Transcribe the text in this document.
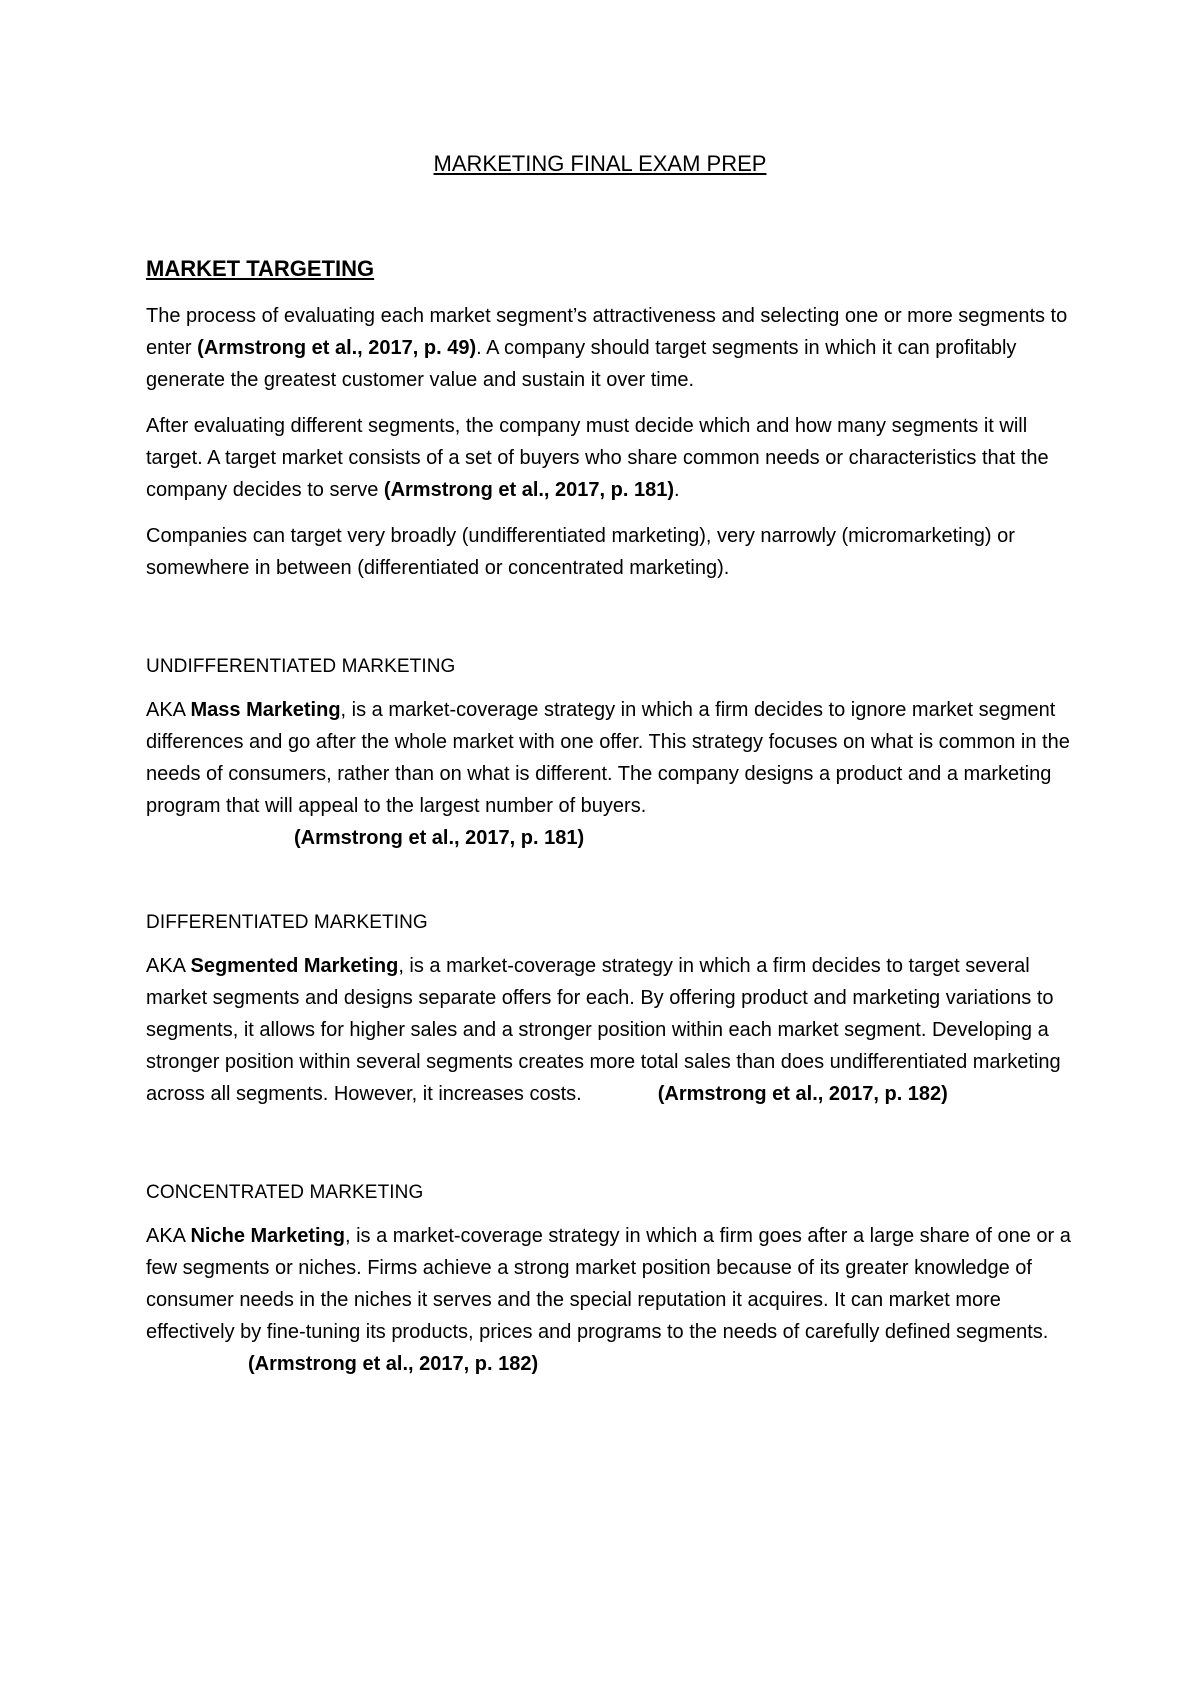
MARKETING FINAL EXAM PREP
MARKET TARGETING

The process of evaluating each market segment’s attractiveness and selecting one or more segments to enter (Armstrong et al., 2017, p. 49). A company should target segments in which it can profitably generate the greatest customer value and sustain it over time.

After evaluating different segments, the company must decide which and how many segments it will target. A target market consists of a set of buyers who share common needs or characteristics that the company decides to serve (Armstrong et al., 2017, p. 181).

Companies can target very broadly (undifferentiated marketing), very narrowly (micromarketing) or somewhere in between (differentiated or concentrated marketing).

UNDIFFERENTIATED MARKETING

AKA Mass Marketing, is a market-coverage strategy in which a firm decides to ignore market segment differences and go after the whole market with one offer. This strategy focuses on what is common in the needs of consumers, rather than on what is different. The company designs a product and a marketing program that will appeal to the largest number of buyers.

(Armstrong et al., 2017, p. 181)
DIFFERENTIATED MARKETING

AKA Segmented Marketing, is a market-coverage strategy in which a firm decides to target several market segments and designs separate offers for each. By offering product and marketing variations to segments, it allows for higher sales and a stronger position within each market segment. Developing a stronger position within several segments creates more total sales than does undifferentiated marketing across all segments. However, it increases costs.	(Armstrong et al., 2017, p. 182)

CONCENTRATED MARKETING

AKA Niche Marketing, is a market-coverage strategy in which a firm goes after a large share of one or a few segments or niches. Firms achieve a strong market position because of its greater knowledge of consumer needs in the niches it serves and the special reputation it acquires. It can market more effectively by fine-tuning its products, prices and programs to the needs of carefully defined segments.(Armstrong et al., 2017, p. 182)
